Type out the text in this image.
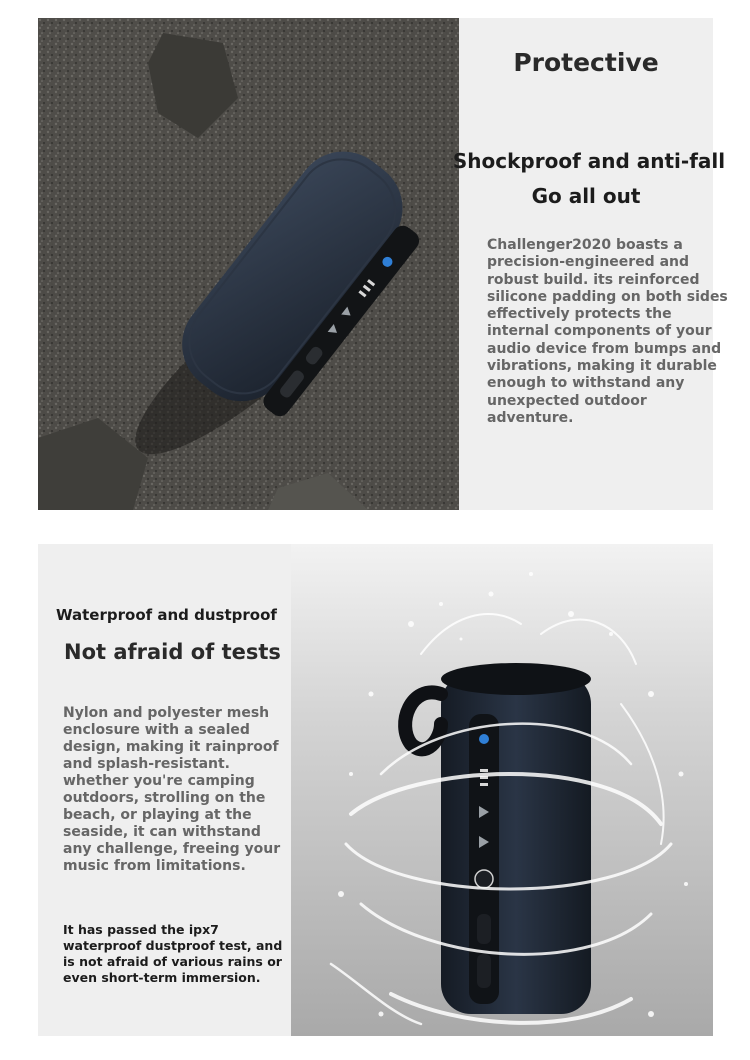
Protective
Shockproof and anti-fall
Go all out
Challenger2020 boasts a precision-engineered and robust build. its reinforced silicone padding on both sides effectively protects the internal components of your audio device from bumps and vibrations, making it durable enough to withstand any unexpected outdoor adventure.
Waterproof and dustproof
Not afraid of tests
Nylon and polyester mesh enclosure with a sealed design, making it rainproof and splash-resistant. whether you're camping outdoors, strolling on the beach, or playing at the seaside, it can withstand any challenge, freeing your music from limitations.
It has passed the ipx7 waterproof dustproof test, and is not afraid of various rains or even short-term immersion.
